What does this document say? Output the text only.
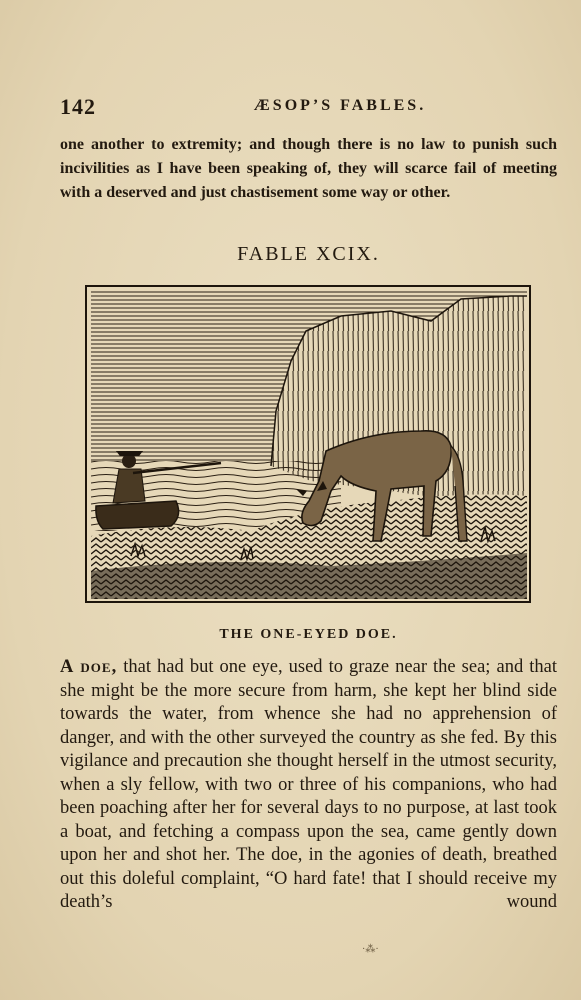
142	ÆSOP’S FABLES.
one another to extremity; and though there is no law to punish such incivilities as I have been speaking of, they will scarce fail of meeting with a deserved and just chastisement some way or other.
FABLE XCIX.
THE ONE-EYED DOE.
A doe, that had but one eye, used to graze near the sea; and that she might be the more secure from harm, she kept her blind side towards the water, from whence she had no apprehension of danger, and with the other surveyed the country as she fed. By this vigilance and precaution she thought herself in the utmost security, when a sly fellow, with two or three of his companions, who had been poaching after her for several days to no purpose, at last took a boat, and fetching a compass upon the sea, came gently down upon her and shot her. The doe, in the agonies of death, breathed out this doleful complaint, “O hard fate! that I should receive my death’s wound
·⁂·
